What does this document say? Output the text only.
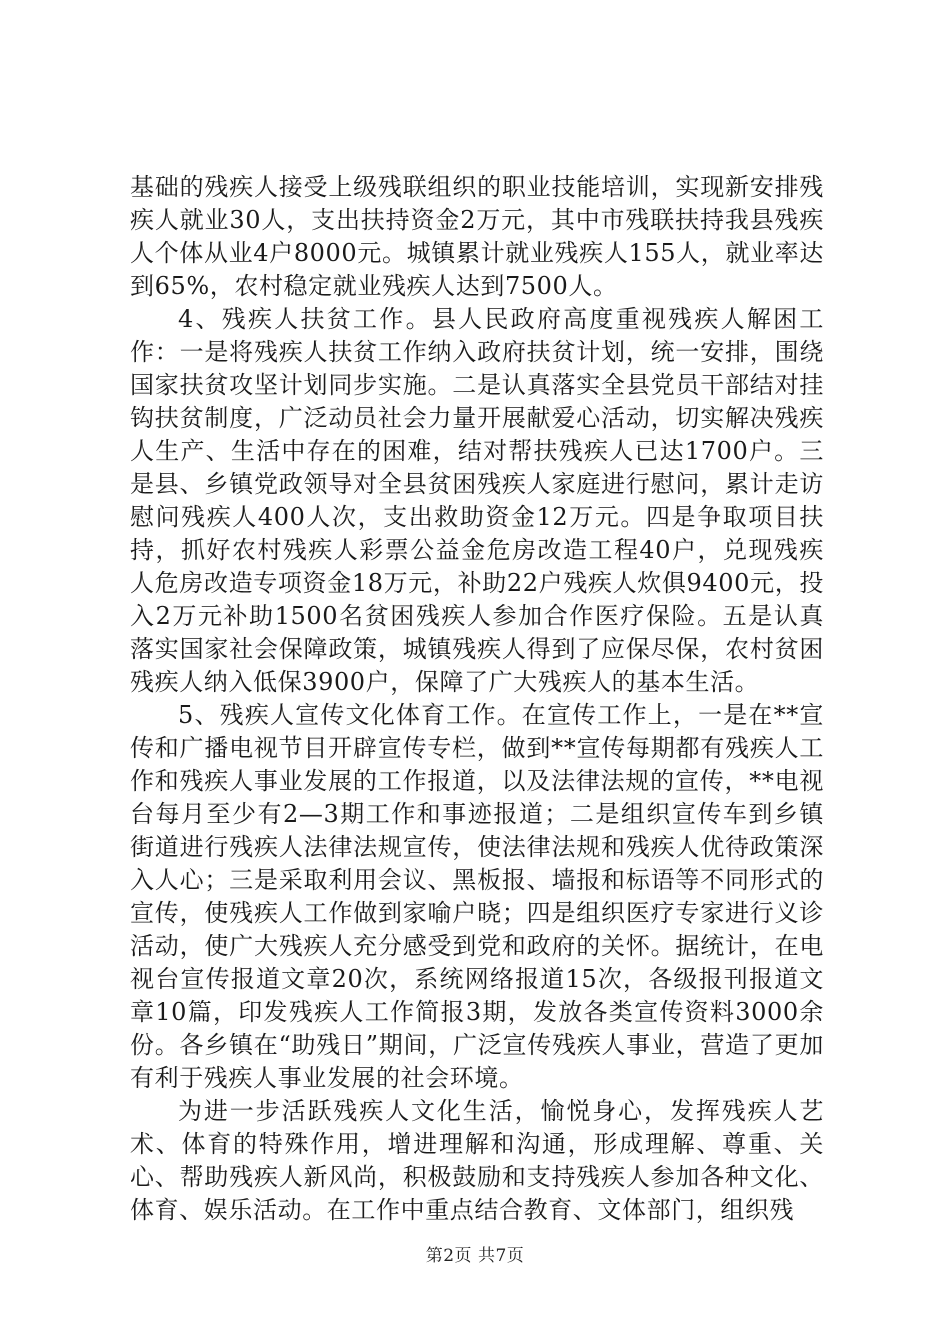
基础的残疾人接受上级残联组织的职业技能培训，实现新安排残疾人就业30人，支出扶持资金2万元，其中市残联扶持我县残疾人个体从业4户8000元。城镇累计就业残疾人155人，就业率达到65%，农村稳定就业残疾人达到7500人。

4、残疾人扶贫工作。县人民政府高度重视残疾人解困工作：一是将残疾人扶贫工作纳入政府扶贫计划，统一安排，围绕国家扶贫攻坚计划同步实施。二是认真落实全县党员干部结对挂钩扶贫制度，广泛动员社会力量开展献爱心活动，切实解决残疾人生产、生活中存在的困难，结对帮扶残疾人已达1700户。三是县、乡镇党政领导对全县贫困残疾人家庭进行慰问，累计走访慰问残疾人400人次，支出救助资金12万元。四是争取项目扶持，抓好农村残疾人彩票公益金危房改造工程40户，兑现残疾人危房改造专项资金18万元，补助22户残疾人炊俱9400元，投入2万元补助1500名贫困残疾人参加合作医疗保险。五是认真落实国家社会保障政策，城镇残疾人得到了应保尽保，农村贫困残疾人纳入低保3900户，保障了广大残疾人的基本生活。

5、残疾人宣传文化体育工作。在宣传工作上，一是在**宣传和广播电视节目开辟宣传专栏，做到**宣传每期都有残疾人工作和残疾人事业发展的工作报道，以及法律法规的宣传，**电视台每月至少有2—3期工作和事迹报道；二是组织宣传车到乡镇街道进行残疾人法律法规宣传，使法律法规和残疾人优待政策深入人心；三是采取利用会议、黑板报、墙报和标语等不同形式的宣传，使残疾人工作做到家喻户晓；四是组织医疗专家进行义诊活动，使广大残疾人充分感受到党和政府的关怀。据统计，在电视台宣传报道文章20次，系统网络报道15次，各级报刊报道文章10篇，印发残疾人工作简报3期，发放各类宣传资料3000余份。各乡镇在“助残日”期间，广泛宣传残疾人事业，营造了更加有利于残疾人事业发展的社会环境。

为进一步活跃残疾人文化生活，愉悦身心，发挥残疾人艺术、体育的特殊作用，增进理解和沟通，形成理解、尊重、关心、帮助残疾人新风尚，积极鼓励和支持残疾人参加各种文化、体育、娱乐活动。在工作中重点结合教育、文体部门，组织残

第2页 共7页
